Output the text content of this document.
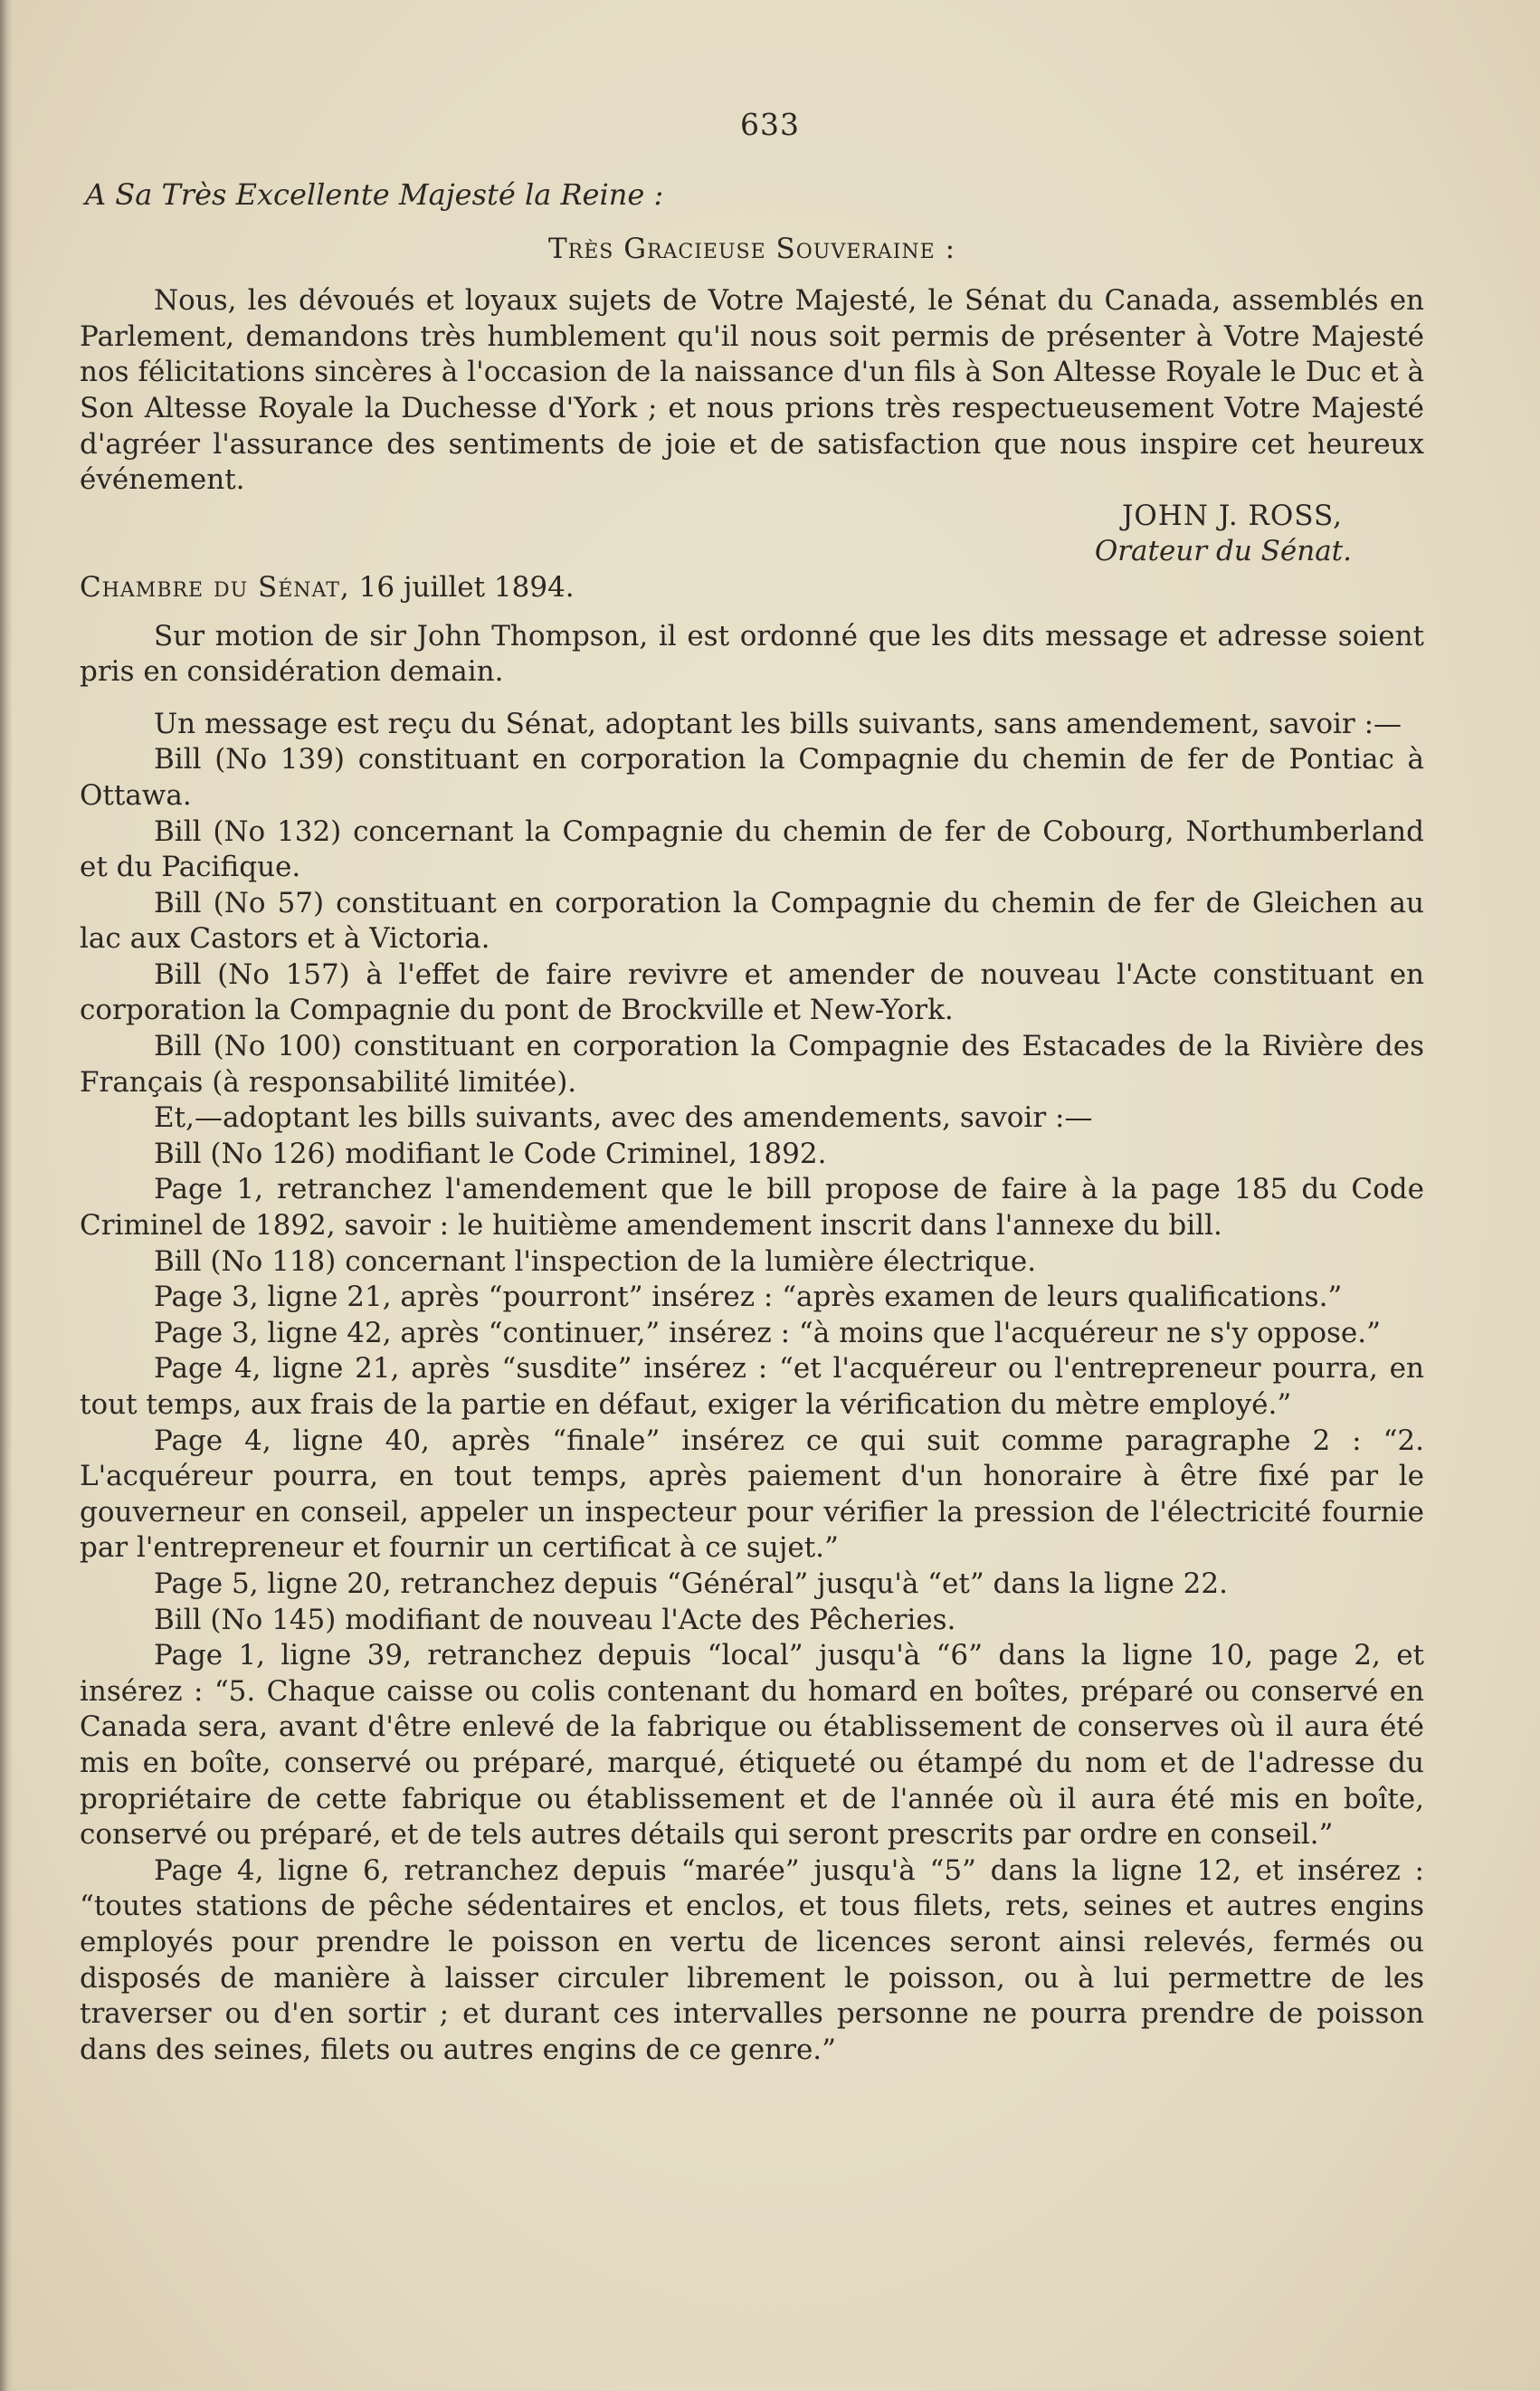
633

A Sa Très Excellente Majesté la Reine :

Très Gracieuse Souveraine :

Nous, les dévoués et loyaux sujets de Votre Majesté, le Sénat du Canada, assemblés en Parlement, demandons très humblement qu'il nous soit permis de présenter à Votre Majesté nos félicitations sincères à l'occasion de la naissance d'un fils à Son Altesse Royale le Duc et à Son Altesse Royale la Duchesse d'York ; et nous prions très respectueusement Votre Majesté d'agréer l'assurance des sentiments de joie et de satisfaction que nous inspire cet heureux événement.

JOHN J. ROSS,

Orateur du Sénat.

Chambre du Sénat, 16 juillet 1894.

Sur motion de sir John Thompson, il est ordonné que les dits message et adresse soient pris en considération demain.

Un message est reçu du Sénat, adoptant les bills suivants, sans amendement, savoir :—

Bill (No 139) constituant en corporation la Compagnie du chemin de fer de Pontiac à Ottawa.

Bill (No 132) concernant la Compagnie du chemin de fer de Cobourg, Northumberland et du Pacifique.

Bill (No 57) constituant en corporation la Compagnie du chemin de fer de Gleichen au lac aux Castors et à Victoria.

Bill (No 157) à l'effet de faire revivre et amender de nouveau l'Acte constituant en corporation la Compagnie du pont de Brockville et New-York.

Bill (No 100) constituant en corporation la Compagnie des Estacades de la Rivière des Français (à responsabilité limitée).

Et,—adoptant les bills suivants, avec des amendements, savoir :—

Bill (No 126) modifiant le Code Criminel, 1892.

Page 1, retranchez l'amendement que le bill propose de faire à la page 185 du Code Criminel de 1892, savoir : le huitième amendement inscrit dans l'annexe du bill.

Bill (No 118) concernant l'inspection de la lumière électrique.

Page 3, ligne 21, après “pourront” insérez : “après examen de leurs qualifications.”

Page 3, ligne 42, après “continuer,” insérez : “à moins que l'acquéreur ne s'y oppose.”

Page 4, ligne 21, après “susdite” insérez : “et l'acquéreur ou l'entrepreneur pourra, en tout temps, aux frais de la partie en défaut, exiger la vérification du mètre employé.”

Page 4, ligne 40, après “finale” insérez ce qui suit comme paragraphe 2 : “2. L'acquéreur pourra, en tout temps, après paiement d'un honoraire à être fixé par le gouverneur en conseil, appeler un inspecteur pour vérifier la pression de l'électricité fournie par l'entrepreneur et fournir un certificat à ce sujet.”

Page 5, ligne 20, retranchez depuis “Général” jusqu'à “et” dans la ligne 22.

Bill (No 145) modifiant de nouveau l'Acte des Pêcheries.

Page 1, ligne 39, retranchez depuis “local” jusqu'à “6” dans la ligne 10, page 2, et insérez : “5. Chaque caisse ou colis contenant du homard en boîtes, préparé ou conservé en Canada sera, avant d'être enlevé de la fabrique ou établissement de conserves où il aura été mis en boîte, conservé ou préparé, marqué, étiqueté ou étampé du nom et de l'adresse du propriétaire de cette fabrique ou établissement et de l'année où il aura été mis en boîte, conservé ou préparé, et de tels autres détails qui seront prescrits par ordre en conseil.”

Page 4, ligne 6, retranchez depuis “marée” jusqu'à “5” dans la ligne 12, et insérez : “toutes stations de pêche sédentaires et enclos, et tous filets, rets, seines et autres engins employés pour prendre le poisson en vertu de licences seront ainsi relevés, fermés ou disposés de manière à laisser circuler librement le poisson, ou à lui permettre de les traverser ou d'en sortir ; et durant ces intervalles personne ne pourra prendre de poisson dans des seines, filets ou autres engins de ce genre.”
